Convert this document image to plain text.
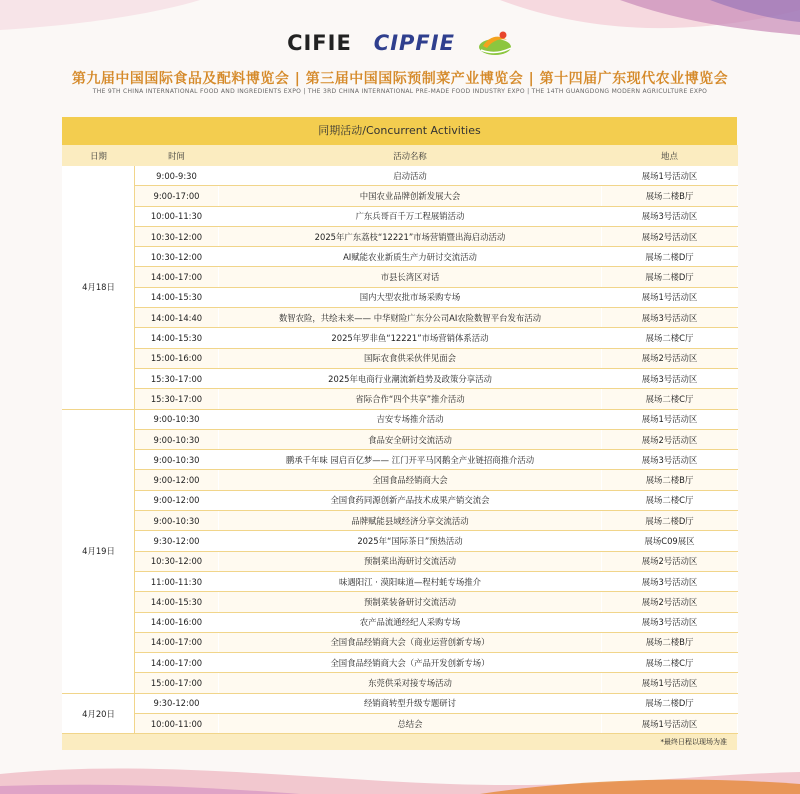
CIFIE CIPFIE
第九届中国国际食品及配料博览会 | 第三届中国国际预制菜产业博览会 | 第十四届广东现代农业博览会
THE 9TH CHINA INTERNATIONAL FOOD AND INGREDIENTS EXPO | THE 3RD CHINA INTERNATIONAL PRE-MADE FOOD INDUSTRY EXPO | THE 14TH GUANGDONG MODERN AGRICULTURE EXPO
同期活动/Concurrent Activities
日期	时间	活动名称	地点
4月18日	9:00-9:30	启动活动	展场1号活动区
	9:00-17:00	中国农业品牌创新发展大会	展场二楼B厅
	10:00-11:30	广东兵哥百千万工程展销活动	展场3号活动区
	10:30-12:00	2025年广东荔枝“12221”市场营销暨出海启动活动	展场2号活动区
	10:30-12:00	AI赋能农业新质生产力研讨交流活动	展场二楼D厅
	14:00-17:00	市县长湾区对话	展场二楼D厅
	14:00-15:30	国内大型农批市场采购专场	展场1号活动区
	14:00-14:40	数智农险，共绘未来—— 中华财险广东分公司AI农险数智平台发布活动	展场3号活动区
	14:00-15:30	2025年罗非鱼“12221”市场营销体系活动	展场二楼C厅
	15:00-16:00	国际农食供采伙伴见面会	展场2号活动区
	15:30-17:00	2025年电商行业潮流新趋势及政策分享活动	展场3号活动区
	15:30-17:00	省际合作“四个共享”推介活动	展场二楼C厅
4月19日	9:00-10:30	吉安专场推介活动	展场1号活动区
	9:00-10:30	食品安全研讨交流活动	展场2号活动区
	9:00-10:30	鹏承千年味 园启百亿梦—— 江门开平马冈鹅全产业链招商推介活动	展场3号活动区
	9:00-12:00	全国食品经销商大会	展场二楼B厅
	9:00-12:00	全国食药同源创新产品技术成果产销交流会	展场二楼C厅
	9:00-10:30	品牌赋能县域经济分享交流活动	展场二楼D厅
	9:30-12:00	2025年“国际茶日”预热活动	展场C09展区
	10:30-12:00	预制菜出海研讨交流活动	展场2号活动区
	11:00-11:30	味遇阳江 · 漠阳味道—程村蚝专场推介	展场3号活动区
	14:00-15:30	预制菜装备研讨交流活动	展场2号活动区
	14:00-16:00	农产品流通经纪人采购专场	展场3号活动区
	14:00-17:00	全国食品经销商大会（商业运营创新专场）	展场二楼B厅
	14:00-17:00	全国食品经销商大会（产品开发创新专场）	展场二楼C厅
	15:00-17:00	东莞供采对接专场活动	展场1号活动区
4月20日	9:30-12:00	经销商转型升级专题研讨	展场二楼D厅
	10:00-11:00	总结会	展场1号活动区
*最终日程以现场为准
